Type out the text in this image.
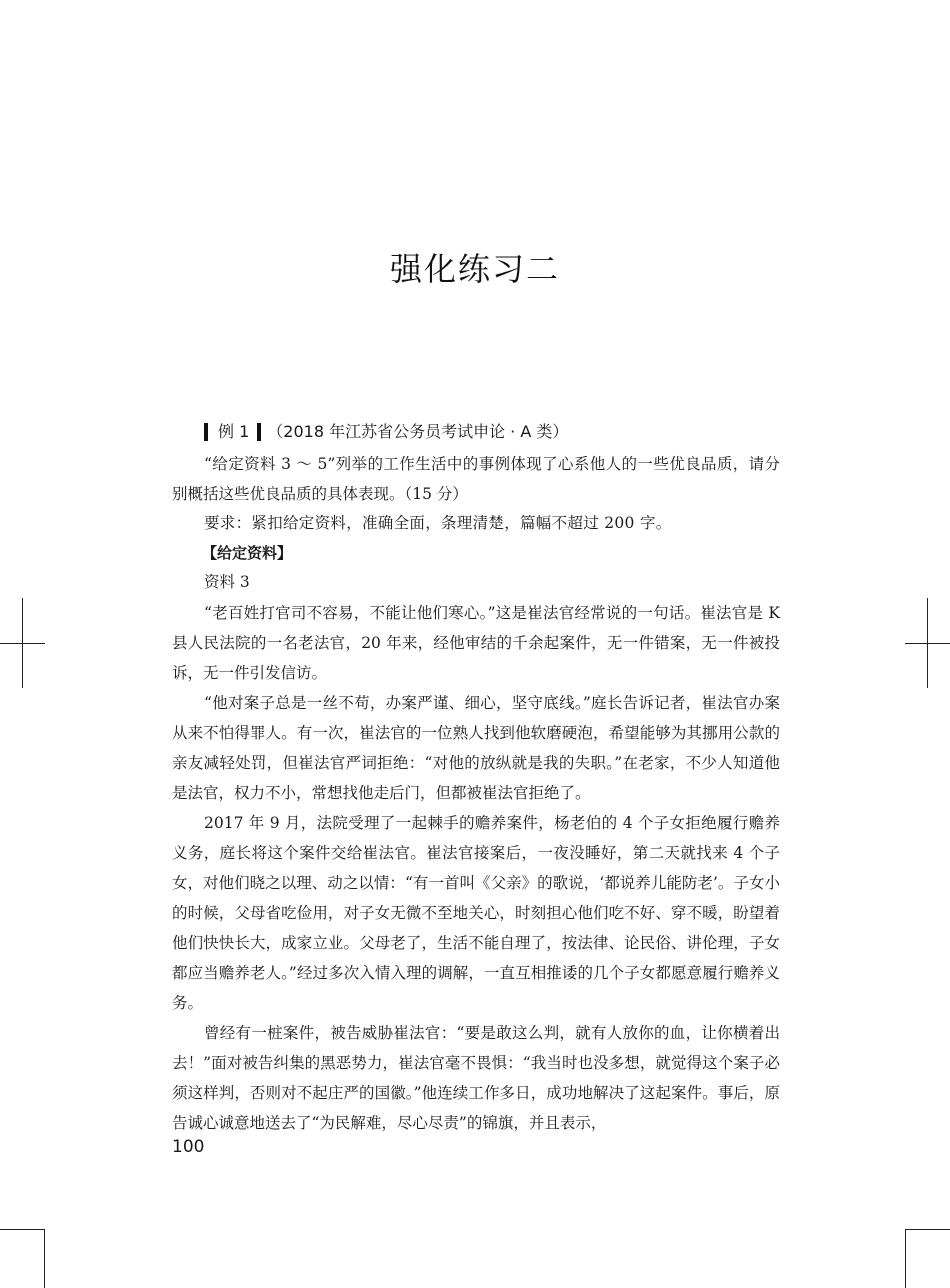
强化练习二
例 1 （2018 年江苏省公务员考试申论 · A 类）

“给定资料 3 ～ 5”列举的工作生活中的事例体现了心系他人的一些优良品质，请分别概括这些优良品质的具体表现。（15 分）

要求：紧扣给定资料，准确全面，条理清楚，篇幅不超过 200 字。

【给定资料】
资料 3

“老百姓打官司不容易，不能让他们寒心。”这是崔法官经常说的一句话。崔法官是 K 县人民法院的一名老法官，20 年来，经他审结的千余起案件，无一件错案，无一件被投诉，无一件引发信访。

“他对案子总是一丝不苟，办案严谨、细心，坚守底线。”庭长告诉记者，崔法官办案从来不怕得罪人。有一次，崔法官的一位熟人找到他软磨硬泡，希望能够为其挪用公款的亲友减轻处罚，但崔法官严词拒绝：“对他的放纵就是我的失职。”在老家，不少人知道他是法官，权力不小，常想找他走后门，但都被崔法官拒绝了。

2017 年 9 月，法院受理了一起棘手的赡养案件，杨老伯的 4 个子女拒绝履行赡养义务，庭长将这个案件交给崔法官。崔法官接案后，一夜没睡好，第二天就找来 4 个子女，对他们晓之以理、动之以情：“有一首叫《父亲》的歌说，‘都说养儿能防老’。子女小的时候，父母省吃俭用，对子女无微不至地关心，时刻担心他们吃不好、穿不暖，盼望着他们快快长大，成家立业。父母老了，生活不能自理了，按法律、论民俗、讲伦理，子女都应当赡养老人。”经过多次入情入理的调解，一直互相推诿的几个子女都愿意履行赡养义务。

曾经有一桩案件，被告威胁崔法官：“要是敢这么判，就有人放你的血，让你横着出去！”面对被告纠集的黑恶势力，崔法官毫不畏惧：“我当时也没多想，就觉得这个案子必须这样判，否则对不起庄严的国徽。”他连续工作多日，成功地解决了这起案件。事后，原告诚心诚意地送去了“为民解难，尽心尽责”的锦旗，并且表示，

100
